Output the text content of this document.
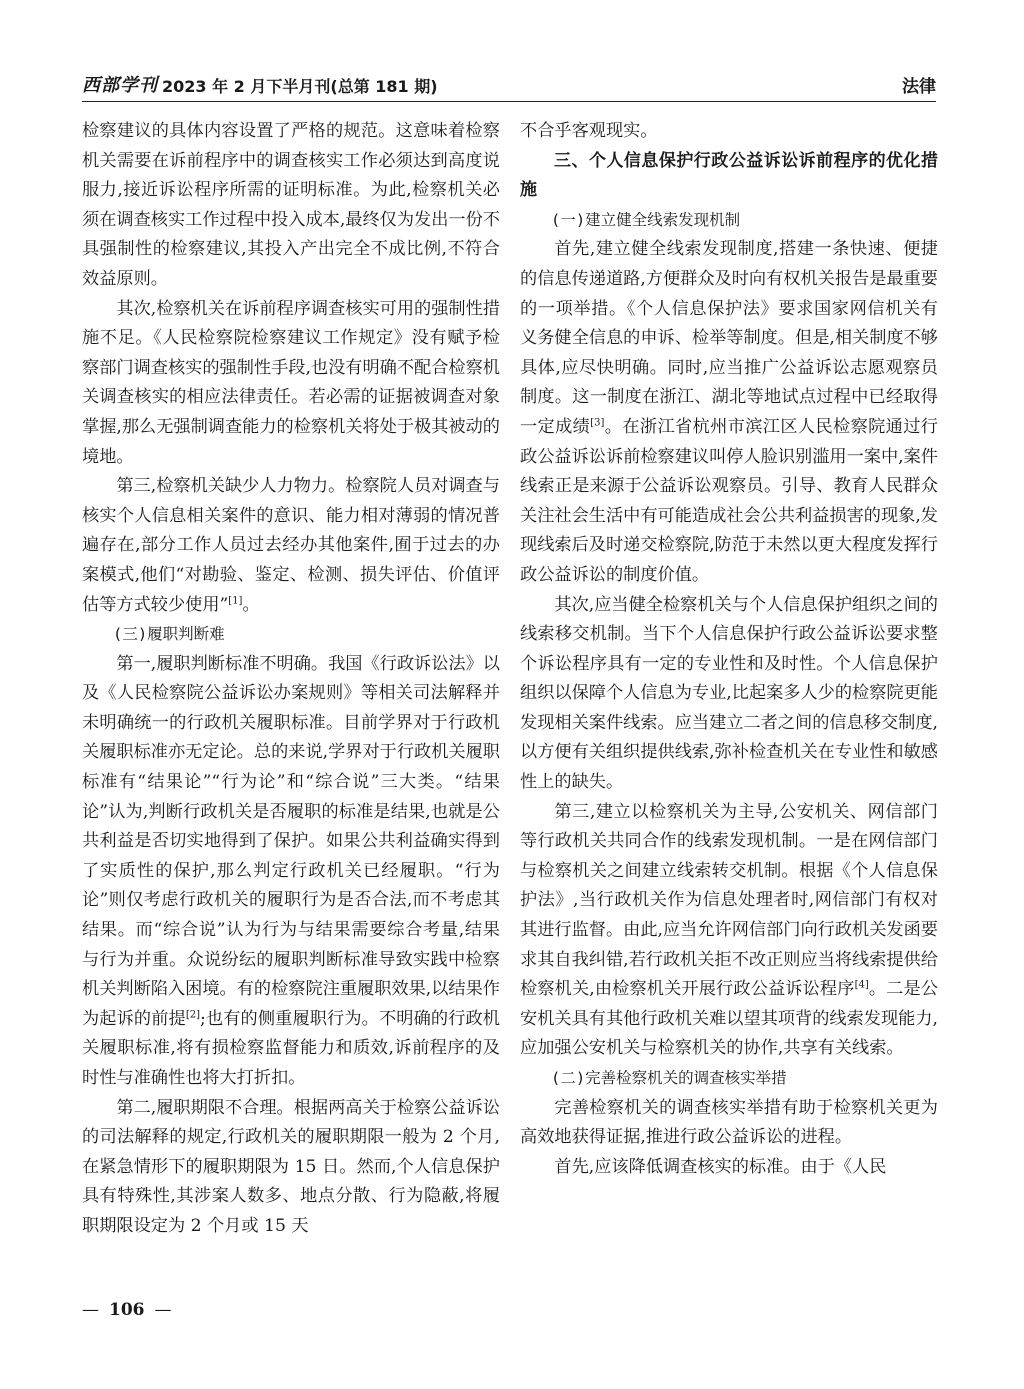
西部学刊 2023 年 2 月下半月刊(总第 181 期)	法律

检察建议的具体内容设置了严格的规范。这意味着检察机关需要在诉前程序中的调查核实工作必须达到高度说服力,接近诉讼程序所需的证明标准。为此,检察机关必须在调查核实工作过程中投入成本,最终仅为发出一份不具强制性的检察建议,其投入产出完全不成比例,不符合效益原则。

其次,检察机关在诉前程序调查核实可用的强制性措施不足。《人民检察院检察建议工作规定》没有赋予检察部门调查核实的强制性手段,也没有明确不配合检察机关调查核实的相应法律责任。若必需的证据被调查对象掌握,那么无强制调查能力的检察机关将处于极其被动的境地。

第三,检察机关缺少人力物力。检察院人员对调查与核实个人信息相关案件的意识、能力相对薄弱的情况普遍存在,部分工作人员过去经办其他案件,囿于过去的办案模式,他们“对勘验、鉴定、检测、损失评估、价值评估等方式较少使用”[1]。

(三)履职判断难

第一,履职判断标准不明确。我国《行政诉讼法》以及《人民检察院公益诉讼办案规则》等相关司法解释并未明确统一的行政机关履职标准。目前学界对于行政机关履职标准亦无定论。总的来说,学界对于行政机关履职标准有“结果论”“行为论”和“综合说”三大类。“结果论”认为,判断行政机关是否履职的标准是结果,也就是公共利益是否切实地得到了保护。如果公共利益确实得到了实质性的保护,那么判定行政机关已经履职。“行为论”则仅考虑行政机关的履职行为是否合法,而不考虑其结果。而“综合说”认为行为与结果需要综合考量,结果与行为并重。众说纷纭的履职判断标准导致实践中检察机关判断陷入困境。有的检察院注重履职效果,以结果作为起诉的前提[2];也有的侧重履职行为。不明确的行政机关履职标准,将有损检察监督能力和质效,诉前程序的及时性与准确性也将大打折扣。

第二,履职期限不合理。根据两高关于检察公益诉讼的司法解释的规定,行政机关的履职期限一般为 2 个月,在紧急情形下的履职期限为 15 日。然而,个人信息保护具有特殊性,其涉案人数多、地点分散、行为隐蔽,将履职期限设定为 2 个月或 15 天

不合乎客观现实。

三、个人信息保护行政公益诉讼诉前程序的优化措施
(一)建立健全线索发现机制

首先,建立健全线索发现制度,搭建一条快速、便捷的信息传递道路,方便群众及时向有权机关报告是最重要的一项举措。《个人信息保护法》要求国家网信机关有义务健全信息的申诉、检举等制度。但是,相关制度不够具体,应尽快明确。同时,应当推广公益诉讼志愿观察员制度。这一制度在浙江、湖北等地试点过程中已经取得一定成绩[3]。在浙江省杭州市滨江区人民检察院通过行政公益诉讼诉前检察建议叫停人脸识别滥用一案中,案件线索正是来源于公益诉讼观察员。引导、教育人民群众关注社会生活中有可能造成社会公共利益损害的现象,发现线索后及时递交检察院,防范于未然以更大程度发挥行政公益诉讼的制度价值。

其次,应当健全检察机关与个人信息保护组织之间的线索移交机制。当下个人信息保护行政公益诉讼要求整个诉讼程序具有一定的专业性和及时性。个人信息保护组织以保障个人信息为专业,比起案多人少的检察院更能发现相关案件线索。应当建立二者之间的信息移交制度,以方便有关组织提供线索,弥补检查机关在专业性和敏感性上的缺失。

第三,建立以检察机关为主导,公安机关、网信部门等行政机关共同合作的线索发现机制。一是在网信部门与检察机关之间建立线索转交机制。根据《个人信息保护法》,当行政机关作为信息处理者时,网信部门有权对其进行监督。由此,应当允许网信部门向行政机关发函要求其自我纠错,若行政机关拒不改正则应当将线索提供给检察机关,由检察机关开展行政公益诉讼程序[4]。二是公安机关具有其他行政机关难以望其项背的线索发现能力,应加强公安机关与检察机关的协作,共享有关线索。

(二)完善检察机关的调查核实举措

完善检察机关的调查核实举措有助于检察机关更为高效地获得证据,推进行政公益诉讼的进程。

首先,应该降低调查核实的标准。由于《人民

— 106 —
